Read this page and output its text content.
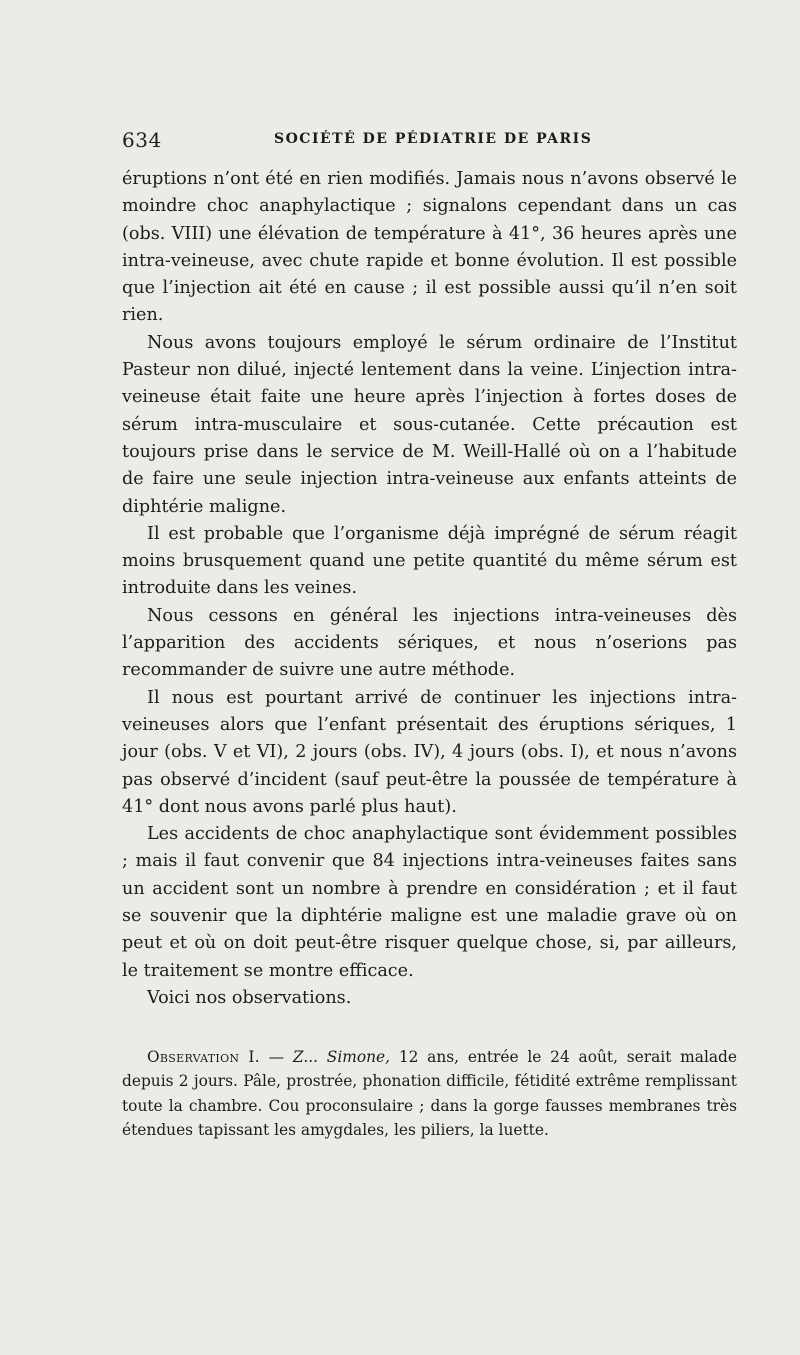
634	SOCIÉTÉ DE PÉDIATRIE DE PARIS

éruptions n’ont été en rien modifiés. Jamais nous n’avons observé le moindre choc anaphylactique ; signalons cependant dans un cas (obs. VIII) une élévation de température à 41°, 36 heures après une intra-veineuse, avec chute rapide et bonne évolution. Il est possible que l’injection ait été en cause ; il est possible aussi qu’il n’en soit rien.

Nous avons toujours employé le sérum ordinaire de l’Institut Pasteur non dilué, injecté lentement dans la veine. L’injection intra-veineuse était faite une heure après l’injection à fortes doses de sérum intra-musculaire et sous-cutanée. Cette précaution est toujours prise dans le service de M. Weill-Hallé où on a l’habitude de faire une seule injection intra-veineuse aux enfants atteints de diphtérie maligne.

Il est probable que l’organisme déjà imprégné de sérum réagit moins brusquement quand une petite quantité du même sérum est introduite dans les veines.

Nous cessons en général les injections intra-veineuses dès l’apparition des accidents sériques, et nous n’oserions pas recommander de suivre une autre méthode.

Il nous est pourtant arrivé de continuer les injections intra-veineuses alors que l’enfant présentait des éruptions sériques, 1 jour (obs. V et VI), 2 jours (obs. IV), 4 jours (obs. I), et nous n’avons pas observé d’incident (sauf peut-être la poussée de température à 41° dont nous avons parlé plus haut).

Les accidents de choc anaphylactique sont évidemment possibles ; mais il faut convenir que 84 injections intra-veineuses faites sans un accident sont un nombre à prendre en considération ; et il faut se souvenir que la diphtérie maligne est une maladie grave où on peut et où on doit peut-être risquer quelque chose, si, par ailleurs, le traitement se montre efficace.

Voici nos observations.

Observation I. — Z... Simone, 12 ans, entrée le 24 août, serait malade depuis 2 jours. Pâle, prostrée, phonation difficile, fétidité extrême remplissant toute la chambre. Cou proconsulaire ; dans la gorge fausses membranes très étendues tapissant les amygdales, les piliers, la luette.
